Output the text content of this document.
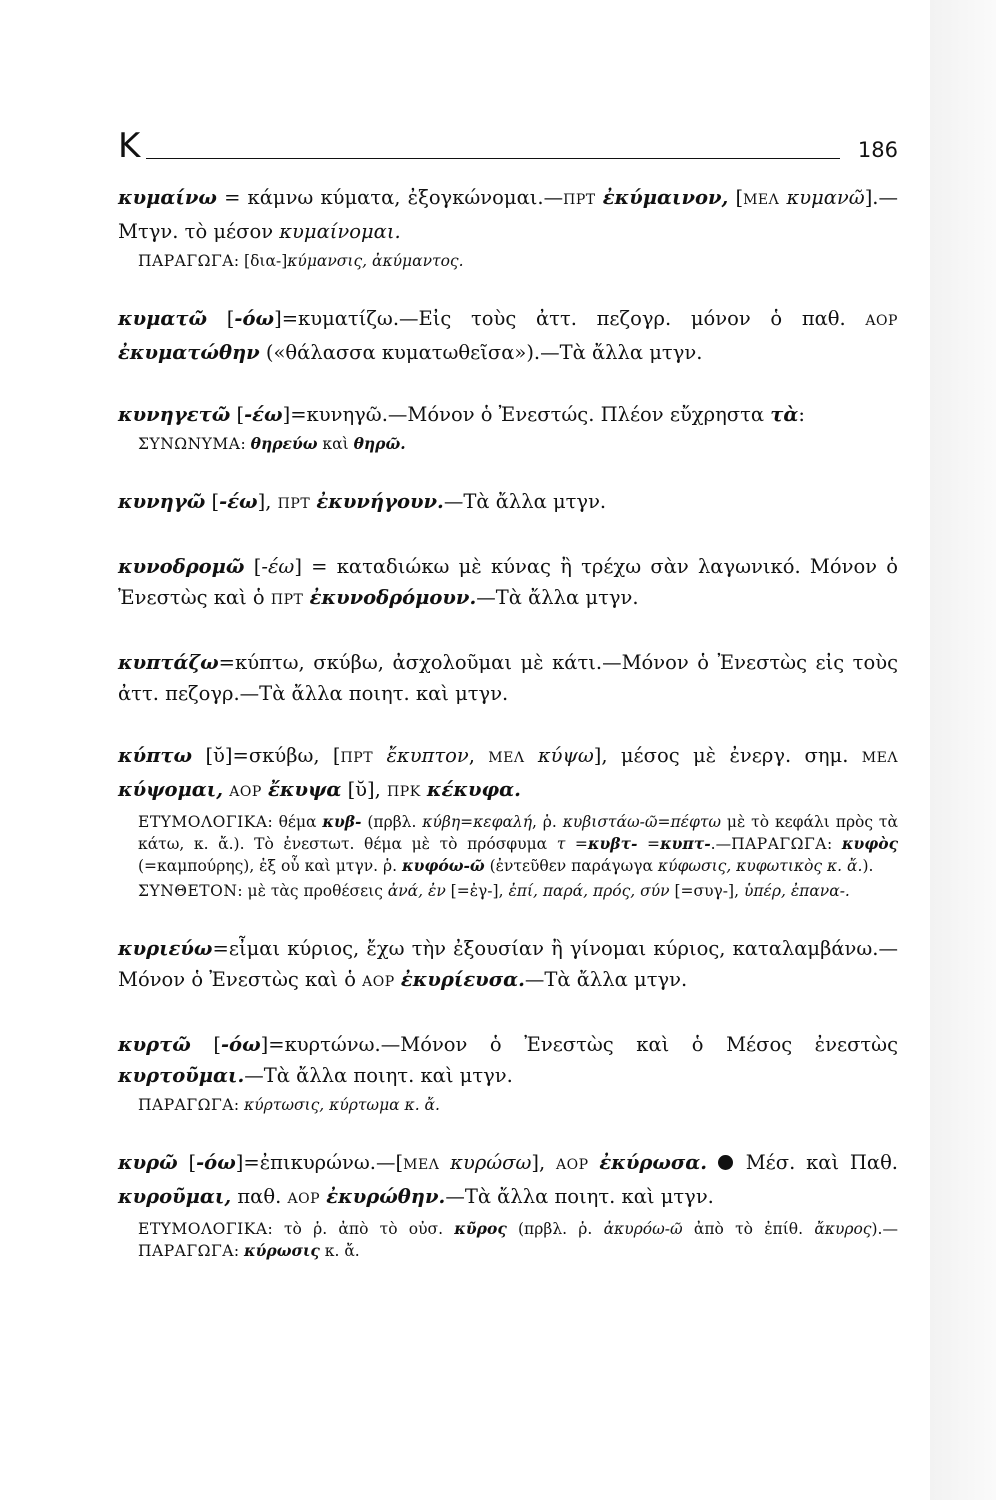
Κ	186

κυμαίνω = κάμνω κύματα, ἐξογκώνομαι.—ΠΡΤ ἐκύμαινον, [ΜΕΛ κυμανῶ].—Μτγν. τὸ μέσον κυμαίνομαι.

ΠΑΡΑΓΩΓΑ: [δια-]κύμανσις, ἀκύμαντος.

κυματῶ [-όω]=κυματίζω.—Εἰς τοὺς ἀττ. πεζογρ. μόνον ὁ παθ. ΑΟΡ ἐκυματώθην («θάλασσα κυματωθεῖσα»).—Τὰ ἄλλα μτγν.

κυνηγετῶ [-έω]=κυνηγῶ.—Μόνον ὁ Ἐνεστώς. Πλέον εὔχρηστα τὰ:

ΣΥΝΩΝΥΜΑ: θηρεύω καὶ θηρῶ.

κυνηγῶ [-έω], ΠΡΤ ἐκυνήγουν.—Τὰ ἄλλα μτγν.

κυνοδρομῶ [-έω] = καταδιώκω μὲ κύνας ἢ τρέχω σὰν λαγωνικό. Μόνον ὁ Ἐνεστὼς καὶ ὁ ΠΡΤ ἐκυνοδρόμουν.—Τὰ ἄλλα μτγν.

κυπτάζω=κύπτω, σκύβω, ἀσχολοῦμαι μὲ κάτι.—Μόνον ὁ Ἐνεστὼς εἰς τοὺς ἀττ. πεζογρ.—Τὰ ἄλλα ποιητ. καὶ μτγν.

κύπτω [ῠ]=σκύβω, [ΠΡΤ ἔκυπτον, ΜΕΛ κύψω], μέσος μὲ ἐνεργ. σημ. ΜΕΛ κύψομαι, ΑΟΡ ἔκυψα [ῠ], ΠΡΚ κέκυφα.

ΕΤΥΜΟΛΟΓΙΚΑ: θέμα κυβ- (πρβλ. κύβη=κεφαλή, ῥ. κυβιστάω-ῶ=πέφτω μὲ τὸ κεφάλι πρὸς τὰ κάτω, κ. ἄ.). Τὸ ἐνεστωτ. θέμα μὲ τὸ πρόσφυμα τ =κυβτ- =κυπτ-.—ΠΑΡΑΓΩΓΑ: κυφὸς (=καμπούρης), ἐξ οὗ καὶ μτγν. ῥ. κυφόω-ῶ (ἐντεῦθεν παράγωγα κύφωσις, κυφωτικὸς κ. ἄ.).

ΣΥΝΘΕΤΟΝ: μὲ τὰς προθέσεις ἀνά, ἐν [=ἐγ-], ἐπί, παρά, πρός, σύν [=συγ-], ὑπέρ, ἐπανα-.

κυριεύω=εἶμαι κύριος, ἔχω τὴν ἐξουσίαν ἢ γίνομαι κύριος, καταλαμβάνω.—Μόνον ὁ Ἐνεστὼς καὶ ὁ ΑΟΡ ἐκυρίευσα.—Τὰ ἄλλα μτγν.

κυρτῶ [-όω]=κυρτώνω.—Μόνον ὁ Ἐνεστὼς καὶ ὁ Μέσος ἐνεστὼς κυρτοῦμαι.—Τὰ ἄλλα ποιητ. καὶ μτγν.

ΠΑΡΑΓΩΓΑ: κύρτωσις, κύρτωμα κ. ἄ.

κυρῶ [-όω]=ἐπικυρώνω.—[ΜΕΛ κυρώσω], ΑΟΡ ἐκύρωσα.  Μέσ. καὶ Παθ. κυροῦμαι, παθ. ΑΟΡ ἐκυρώθην.—Τὰ ἄλλα ποιητ. καὶ μτγν.

ΕΤΥΜΟΛΟΓΙΚΑ: τὸ ῥ. ἀπὸ τὸ οὐσ. κῦρος (πρβλ. ῥ. ἀκυρόω-ῶ ἀπὸ τὸ ἐπίθ. ἄκυρος).—ΠΑΡΑΓΩΓΑ: κύρωσις κ. ἄ.
